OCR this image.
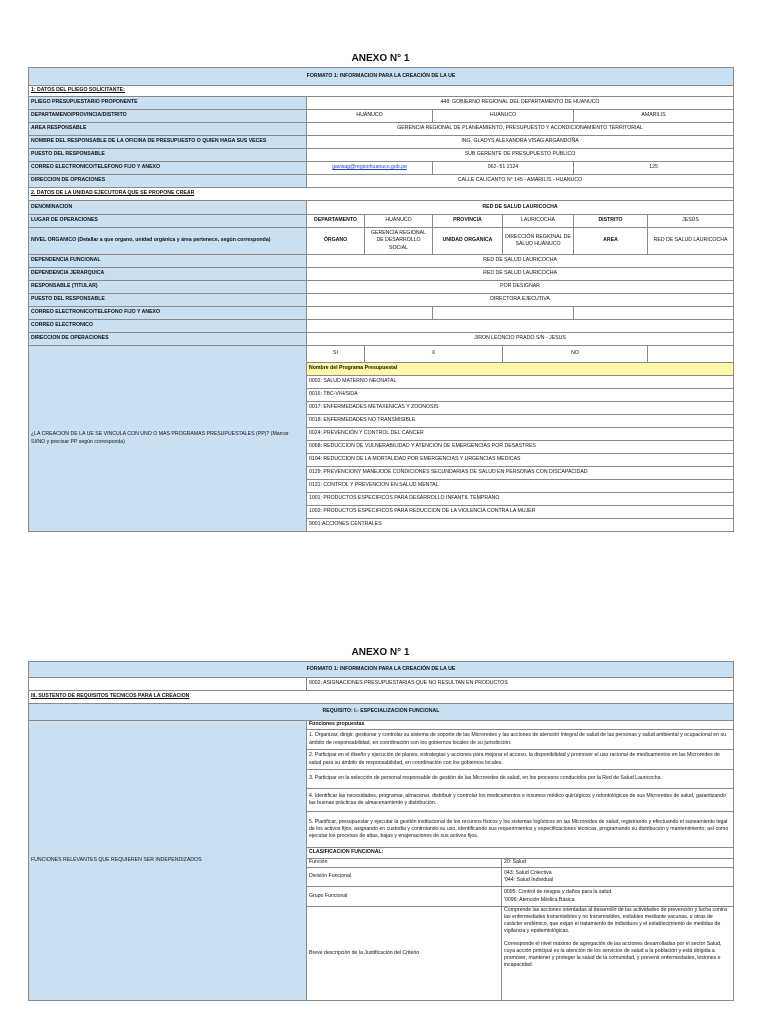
ANEXO N° 1
FORMATO 1: INFORMACION PARA LA CREACIÓN DE LA UE						
1: DATOS DEL PLIEGO SOLICITANTE:						
PLIEGO PRESUPUESTARIO PROPONENTE	448: GOBIERNO REGIONAL DEL DEPARTAMENTO DE HUANUCO					
DEPARTAMENO/PROVINCIA/DISTRITO	HUÁNUCO		HUÁNUCO		AMARILIS	
AREA RESPONSABLE	GERENCIA REGIONAL DE PLANEAMIENTO, PRESUPUESTO Y ACONDICIONAMIENTO TERRITORIAL					
NOMBRE DEL RESPONSABLE DE LA OFICINA DE PRESUPUESTO O QUIEN HAGA SUS VECES	ING. GLADYS ALEXANDRA VISAG ARGANDOÑA					
PUESTO DEL RESPONSABLE	SUB GERENTE DE PRESUPUESTO PUBLICO					
CORREO ELECTRONICO/TELEFONO FIJO Y ANEXO	gavisag@regionhuanuco.gob.pe		062- 51 2124		125	
DIRECCION DE OPRACIONES	CALLE CALICANTO N° 145 - AMARILIS - HUANUCO					
2. DATOS DE LA UNIDAD EJECUTORA QUE SE PROPONE CREAR						
DENOMINACION	RED DE SALUD LAURICOCHA					
LUGAR DE OPERACIONES	DEPARTAMENTO	HUÁNUCO	PROVINCIA	LAURICOCHA	DISTRITO	JESÚS
NIVEL ORGANICO (Detallar a que organo, unidad orgánica y área pertenece, según corresponda)	ÓRGANO	GERENCIA REGIONAL DE DESARROLLO SOCIAL	UNIDAD ORGANICA	DIRECCIÓN REGIONAL DE SALUD HUÁNUCO	AREA	RED DE SALUD LAURICOCHA
DEPENDENCIA FUNCIONAL	RED DE SALUD LAURICOCHA					
DEPENDENCIA JERARQUICA	RED DE SALUD LAURICOCHA					
RESPONSABLE (TITULAR)	POR DESIGNAR					
PUESTO DEL RESPONSABLE	DIRECTORA EJECUTIVA					
CORREO ELECTRONICO/TELEFONO FIJO Y ANEXO						
CORREO ELECTRONICO						
DIRECCION DE OPERACIONES	JIRON LEONCIO PRADO S/N - JESUS					
¿LA CREACION DE LA UE SE VINCULA CON UNO O MAS PROGRAMAS PRESUPUESTALES (PP)? (Marcar SI/NO y precisar PP según corresponda)	SI	X		NO		
	Nombre del Programa Presupuestal					
	0002: SALUD MATERNO NEONATAL					
	0016: TBC-VIH/SIDA					
	0017: ENFERMEDADES METAXENICAS Y ZOONOSIS					
	0018: ENFERMEDADES NO TRANSMISIBLE					
	0024: PREVENCIÓN Y CONTROL DEL CANCER					
	0068: REDUCCION DE VULNERABILIDAD Y ATENCION DE EMERGENCIAS POR DESASTRES					
	0104: REDUCCION DE LA MORTALIDAD POR EMERGENCIAS Y URGENCIAS MEDICAS					
	0129: PREVENCIONY MANEJODE CONDICIONES SECUNDARIAS DE SALUD EN PERSONAS CON DISCAPACIDAD					
	0131: CONTROL Y PREVENCION EN SALUD MENTAL					
	1001: PRODUCTOS ESPECIFICOS PARA DESARROLLO INFANTIL TEMPRANO					
	1002: PRODUCTOS ESPECIFICOS PARA REDUCCION DE LA VIOLENCIA CONTRA LA MUJER					
	9001:ACCIONES CENTRALES					
ANEXO N° 1
FORMATO 1: INFORMACION PARA LA CREACIÓN DE LA UE		
	9002: ASIGNACIONES PRESUPUESTARIAS QUE NO RESULTAN EN PRODUCTOS	
III. SUSTENTO DE REQUISITOS TECNICOS PARA LA CREACION		
REQUISITO: I.- ESPECIALIZACION FUNCIONAL		
FUNCIONES RELEVANTES QUE REQUIEREN SER INDEPENDIZADOS	Funciones propuestas	
	1. Organizar, dirigir, gestionar y controlar su sistema de soporte de las Microredes y las acciones de atención integral de salud de las personas y salud ambiental y ocupacional en su ámbito de responsabilidad, en coordinación con los gobiernos locales de su jurisdicción.	
	2. Participar en el diseño y ejecución de planes, estrategias y acciones para mejorar el acceso, la disponibilidad y promover el uso racional de medicamentos en las Microredes de salud para su ámbito de responsabilidad, en coordinación con los gobiernos locales.	
	3. Participar en la selección de personal responsable de gestión de las Microredes de salud, en los procesos conducidos por la Red de Salud Lauricocha.	
	4. Identificar las necesidades, programar, almacenar, distribuir y controlar los medicamentos e insumos médico quirúrgicos y odontológicos de sus Microredes de salud, garantizando las buenas prácticas de almacenamiento y distribución.	
	5. Planificar, presupuestar y ejecutar la gestión institucional de los recursos físicos y los sistemas logísticos en las Microredes de salud, registrando y efectuando el saneamiento legal de los activos fijos, asignando en custodia y controlando su uso, identificando sus requerimientos y especificaciones técnicas, programando su distribución y mantenimiento; así como ejecutar los procesos de altas, bajas y enajenaciones de sus activos fijos.	
	CLASIFICACION FUNCIONAL:	
	Función	20: Salud
	División Funcional	043: Salud Colectiva
'044: Salud Individual

	Grupo Funcional	0095: Control de riesgos y daños para la salud
'0096: Atención Médica Básica

	Breve descripción de la Justificación del Criterio	Comprende las acciones orientadas al desarrollo de las actividades de prevención y lucha contra las enfermedades transmisibles y no transmisibles, evitables mediante vacunas, u otras de carácter endémico, que exijan el tratamiento de individuos y el establecimiento de medidas de vigilancia y epidemiológicas.
Corresponde el nivel máximo de agregación de las acciones desarrolladas por el sector Salud, cuya acción principal es la atención de los servicios de salud a la población y está dirigida a promover, mantener y proteger la salud de la comunidad, y prevenir enfermedades, lesiones e incapacidad.
